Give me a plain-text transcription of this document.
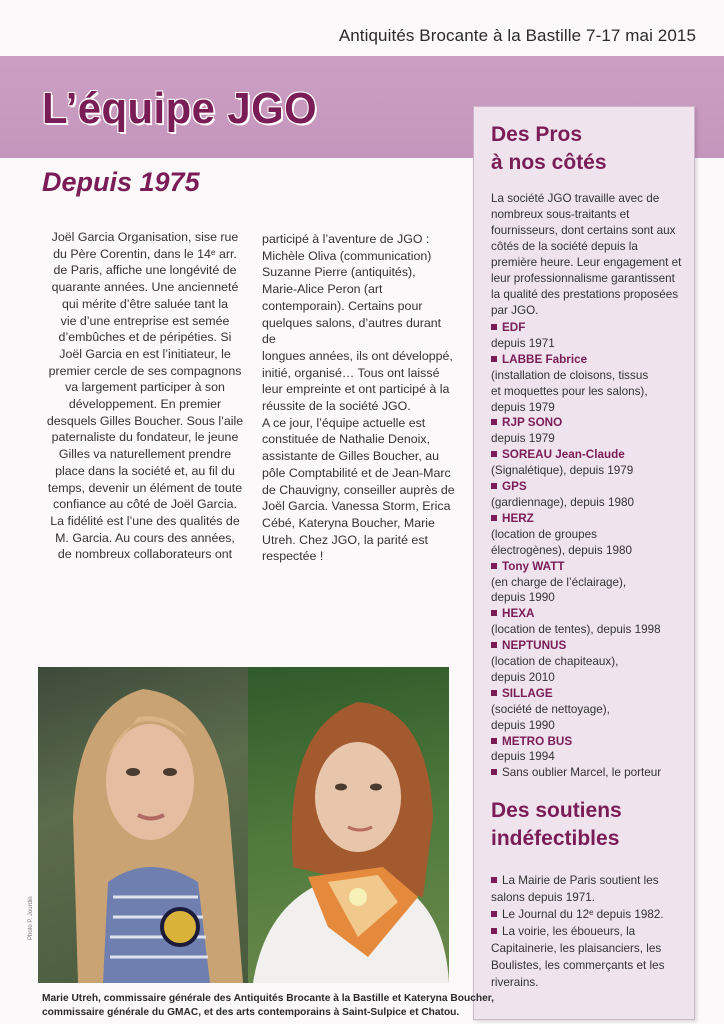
Antiquités Brocante à la Bastille 7-17 mai 2015
L’équipe JGO
Depuis 1975

Joël Garcia Organisation, sise rue
du Père Corentin, dans le 14ᵉ arr.
de Paris, affiche une longévité de
quarante années. Une ancienneté
qui mérite d’être saluée tant la
vie d’une entreprise est semée
d’embûches et de péripéties. Si
Joël Garcia en est l’initiateur, le
premier cercle de ses compagnons
va largement participer à son
développement. En premier
desquels Gilles Boucher. Sous l’aile
paternaliste du fondateur, le jeune
Gilles va naturellement prendre
place dans la société et, au fil du
temps, devenir un élément de toute
confiance au côté de Joël Garcia.
La fidélité est l’une des qualités de
M. Garcia. Au cours des années,
de nombreux collaborateurs ont

participé à l’aventure de JGO :
Michèle Oliva (communication)
Suzanne Pierre (antiquités),
Marie-Alice Peron (art
contemporain). Certains pour
quelques salons, d’autres durant de
longues années, ils ont développé,
initié, organisé… Tous ont laissé
leur empreinte et ont participé à la
réussite de la société JGO.
A ce jour, l’équipe actuelle est
constituée de Nathalie Denoix,
assistante de Gilles Boucher, au
pôle Comptabilité et de Jean-Marc
de Chauvigny, conseiller auprès de
Joël Garcia. Vanessa Storm, Erica
Cébé, Kateryna Boucher, Marie
Utreh. Chez JGO, la parité est
respectée !

Des Pros
à nos côtés
La société JGO travaille avec de nombreux sous-traitants et fournisseurs, dont certains sont aux côtés de la société depuis la première heure. Leur engagement et leur professionnalisme garantissent la qualité des prestations proposées par JGO.
EDF
depuis 1971
LABBE Fabrice
(installation de cloisons, tissus
et moquettes pour les salons),
depuis 1979
RJP SONO
depuis 1979
SOREAU Jean-Claude
(Signalétique), depuis 1979
GPS
(gardiennage), depuis 1980
HERZ
(location de groupes
électrogènes), depuis 1980
Tony WATT
(en charge de l’éclairage),
depuis 1990
HEXA
(location de tentes), depuis 1998
NEPTUNUS
(location de chapiteaux),
depuis 2010
SILLAGE
(société de nettoyage),
depuis 1990
METRO BUS
depuis 1994
Sans oublier Marcel, le porteur
Des soutiens
indéfectibles
La Mairie de Paris soutient les
salons depuis 1971.
Le Journal du 12ᵉ depuis 1982.
La voirie, les éboueurs, la
Capitainerie, les plaisanciers, les
Boulistes, les commerçants et les
riverains.
Photo P. Jourdin
Marie Utreh, commissaire générale des Antiquités Brocante à la Bastille et Kateryna Boucher,
commissaire générale du GMAC, et des arts contemporains à Saint-Sulpice et Chatou.
